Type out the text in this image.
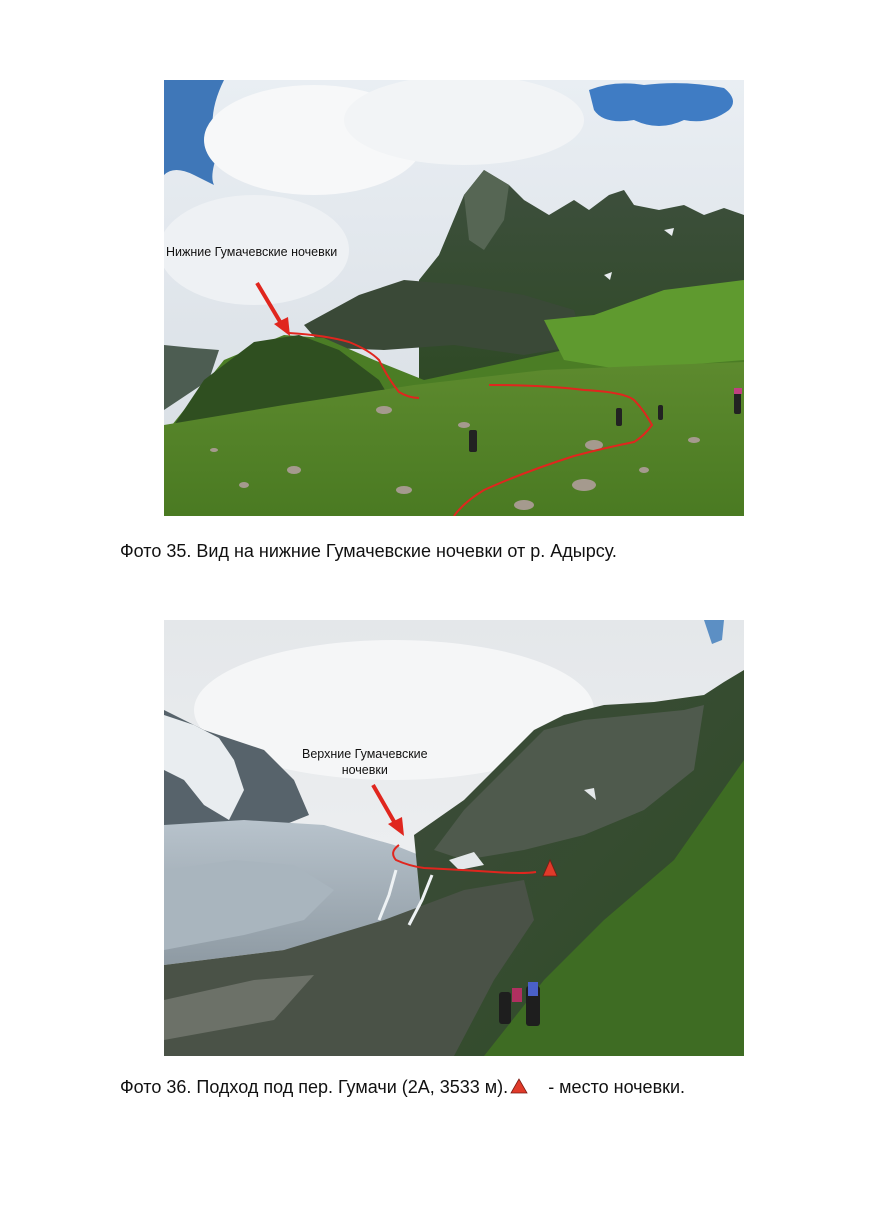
Нижние Гумачевские ночевки
Фото 35. Вид на нижние Гумачевские ночевки от р. Адырсу.
Верхние Гумачевские
ночевки
Фото 36. Подход под пер. Гумачи (2А, 3533 м). - место ночевки.
